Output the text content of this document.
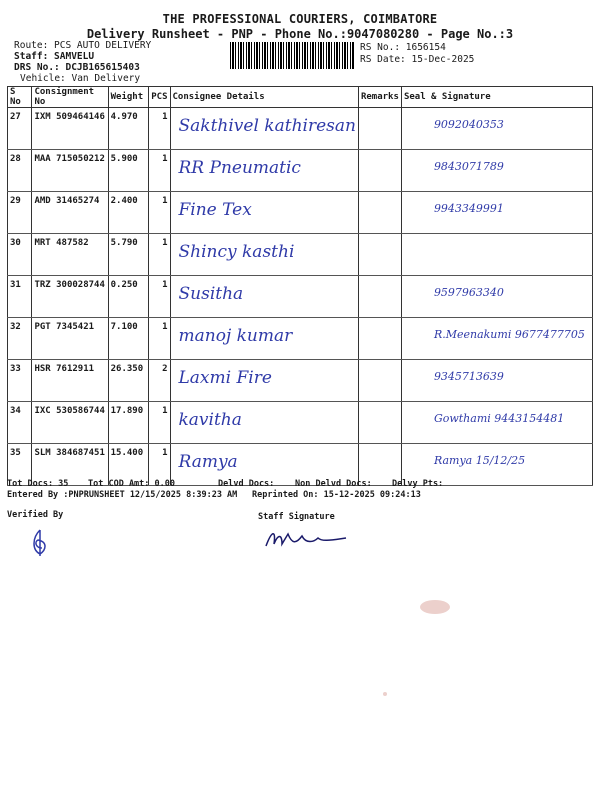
THE PROFESSIONAL COURIERS, COIMBATORE
Delivery Runsheet - PNP - Phone No.:9047080280 - Page No.:3
Route: PCS AUTO DELIVERY
Staff: SAMVELU
DRS No.: DCJB165615403
Vehicle: Van Delivery
RS No.: 1656154
RS Date: 15-Dec-2025
S No	Consignment No	Weight	PCS	Consignee Details	Remarks	Seal & Signature
27	IXM 509464146	4.970	1	Sakthivel kathiresan		9092040353

28	MAA 715050212	5.900	1	RR Pneumatic		9843071789

29	AMD 31465274	2.400	1	Fine Tex		9943349991

30	MRT 487582	5.790	1	Shincy kasthi		

31	TRZ 300028744	0.250	1	Susitha		9597963340

32	PGT 7345421	7.100	1	manoj kumar		R.Meenakumi 9677477705

33	HSR 7612911	26.350	2	Laxmi Fire		9345713639

34	IXC 530586744	17.890	1	kavitha		Gowthami 9443154481

35	SLM 384687451	15.400	1	Ramya		Ramya 15/12/25
Tot Docs: 35 Tot COD Amt: 0.00	Delvd Docs: Non Delvd Docs: Delvy Pts:
Entered By :PNPRUNSHEET 12/15/2025 8:39:23 AM Reprinted On: 15-12-2025 09:24:13
Verified By	Staff Signature
